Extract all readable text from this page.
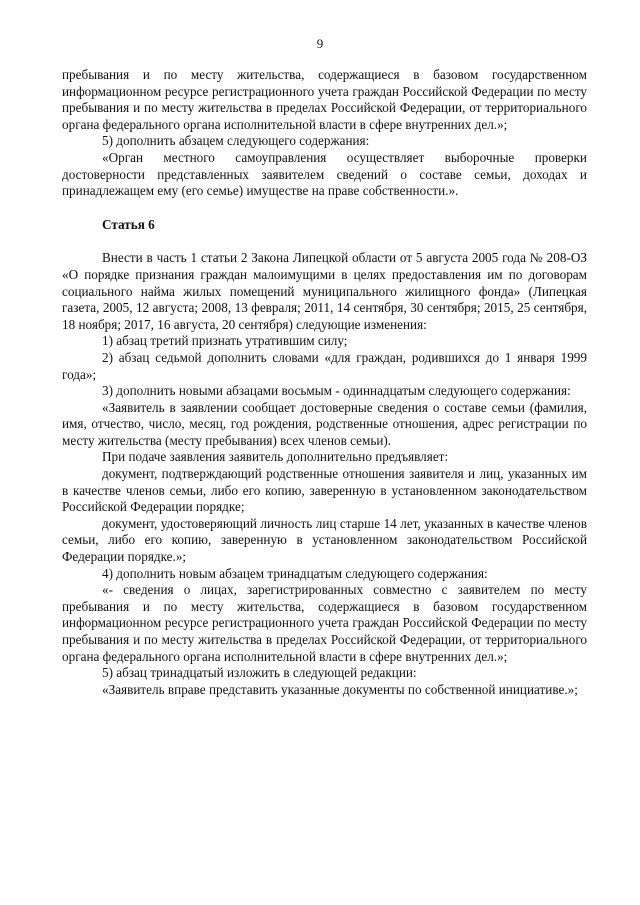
9

пребывания и по месту жительства, содержащиеся в базовом государственном информационном ресурсе регистрационного учета граждан Российской Федерации по месту пребывания и по месту жительства в пределах Российской Федерации, от территориального органа федерального органа исполнительной власти в сфере внутренних дел.»;

5) дополнить абзацем следующего содержания:

«Орган местного самоуправления осуществляет выборочные проверки достоверности представленных заявителем сведений о составе семьи, доходах и принадлежащем ему (его семье) имуществе на праве собственности.».

Статья 6

Внести в часть 1 статьи 2 Закона Липецкой области от 5 августа 2005 года № 208-ОЗ «О порядке признания граждан малоимущими в целях предоставления им по договорам социального найма жилых помещений муниципального жилищного фонда» (Липецкая газета, 2005, 12 августа; 2008, 13 февраля; 2011, 14 сентября, 30 сентября; 2015, 25 сентября, 18 ноября; 2017, 16 августа, 20 сентября) следующие изменения:

1) абзац третий признать утратившим силу;

2) абзац седьмой дополнить словами «для граждан, родившихся до 1 января 1999 года»;

3) дополнить новыми абзацами восьмым - одиннадцатым следующего содержания:

«Заявитель в заявлении сообщает достоверные сведения о составе семьи (фамилия, имя, отчество, число, месяц, год рождения, родственные отношения, адрес регистрации по месту жительства (месту пребывания) всех членов семьи).

При подаче заявления заявитель дополнительно предъявляет:

документ, подтверждающий родственные отношения заявителя и лиц, указанных им в качестве членов семьи, либо его копию, заверенную в установленном законодательством Российской Федерации порядке;

документ, удостоверяющий личность лиц старше 14 лет, указанных в качестве членов семьи, либо его копию, заверенную в установленном законодательством Российской Федерации порядке.»;

4) дополнить новым абзацем тринадцатым следующего содержания:

«- сведения о лицах, зарегистрированных совместно с заявителем по месту пребывания и по месту жительства, содержащиеся в базовом государственном информационном ресурсе регистрационного учета граждан Российской Федерации по месту пребывания и по месту жительства в пределах Российской Федерации, от территориального органа федерального органа исполнительной власти в сфере внутренних дел.»;

5) абзац тринадцатый изложить в следующей редакции:

«Заявитель вправе представить указанные документы по собственной инициативе.»;
